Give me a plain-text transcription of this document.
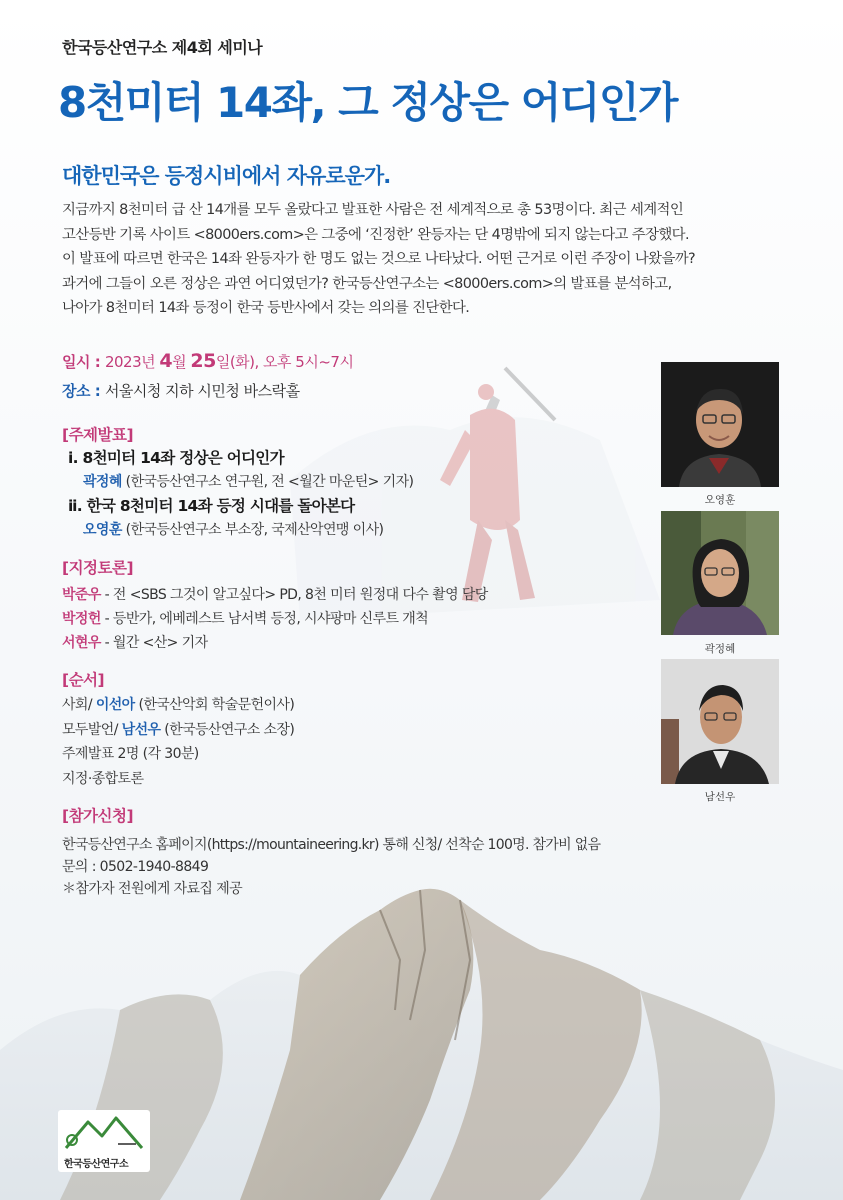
한국등산연구소 제4회 세미나
8천미터 14좌, 그 정상은 어디인가
대한민국은 등정시비에서 자유로운가.

지금까지 8천미터 급 산 14개를 모두 올랐다고 발표한 사람은 전 세계적으로 총 53명이다. 최근 세계적인

고산등반 기록 사이트 <8000ers.com>은 그중에 ‘진정한’ 완등자는 단 4명밖에 되지 않는다고 주장했다.

이 발표에 따르면 한국은 14좌 완등자가 한 명도 없는 것으로 나타났다. 어떤 근거로 이런 주장이 나왔을까?

과거에 그들이 오른 정상은 과연 어디였던가? 한국등산연구소는 <8000ers.com>의 발표를 분석하고,

나아가 8천미터 14좌 등정이 한국 등반사에서 갖는 의의를 진단한다.

일시 : 2023년 4월 25일(화), 오후 5시~7시
장소 : 서울시청 지하 시민청 바스락홀
[주제발표]
ⅰ. 8천미터 14좌 정상은 어디인가
곽정혜 (한국등산연구소 연구원, 전 <월간 마운틴> 기자)
ⅱ. 한국 8천미터 14좌 등정 시대를 돌아본다
오영훈 (한국등산연구소 부소장, 국제산악연맹 이사)
[지정토론]
박준우 - 전 <SBS 그것이 알고싶다> PD, 8천 미터 원정대 다수 촬영 담당
박정헌 - 등반가, 에베레스트 남서벽 등정, 시샤팡마 신루트 개척
서현우 - 월간 <산> 기자
[순서]
사회/ 이선아 (한국산악회 학술문헌이사)
모두발언/ 남선우 (한국등산연구소 소장)
주제발표 2명 (각 30분)
지정·종합토론
[참가신청]
한국등산연구소 홈페이지(https://mountaineering.kr) 통해 신청/ 선착순 100명. 참가비 없음
문의 : 0502-1940-8849
＊참가자 전원에게 자료집 제공
오영훈
곽정혜
남선우
한국등산연구소
